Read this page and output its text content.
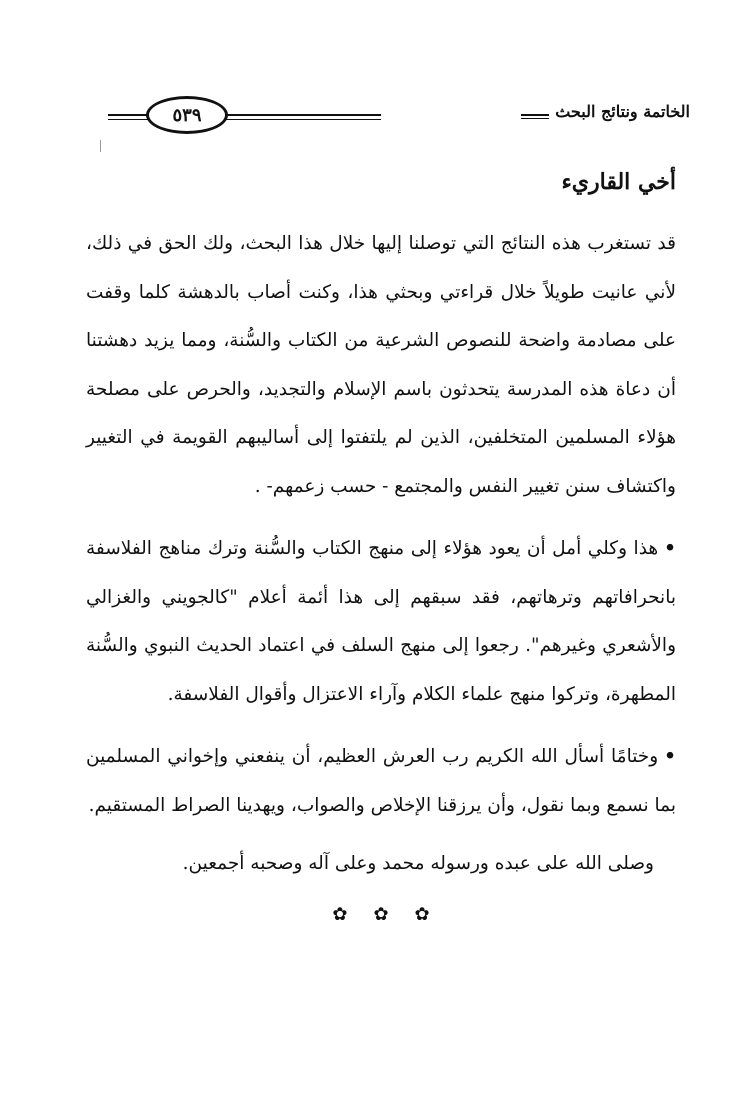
الخاتمة ونتائج البحث
٥٣٩
أخي القاريء

قد تستغرب هذه النتائج التي توصلنا إليها خلال هذا البحث، ولك الحق في ذلك، لأني عانيت طويلاً خلال قراءتي وبحثي هذا، وكنت أصاب بالدهشة كلما وقفت على مصادمة واضحة للنصوص الشرعية من الكتاب والسُّنة، ومما يزيد دهشتنا أن دعاة هذه المدرسة يتحدثون باسم الإسلام والتجديد، والحرص على مصلحة هؤلاء المسلمين المتخلفين، الذين لم يلتفتوا إلى أساليبهم القويمة في التغيير واكتشاف سنن تغيير النفس والمجتمع - حسب زعمهم- .

•هذا وكلي أمل أن يعود هؤلاء إلى منهج الكتاب والسُّنة وترك مناهج الفلاسفة بانحرافاتهم وترهاتهم، فقد سبقهم إلى هذا أئمة أعلام "كالجويني والغزالي والأشعري وغيرهم". رجعوا إلى منهج السلف في اعتماد الحديث النبوي والسُّنة المطهرة، وتركوا منهج علماء الكلام وآراء الاعتزال وأقوال الفلاسفة.

•وختامًا أسأل الله الكريم رب العرش العظيم، أن ينفعني وإخواني المسلمين بما نسمع وبما نقول، وأن يرزقنا الإخلاص والصواب، ويهدينا الصراط المستقيم.

وصلى الله على عبده ورسوله محمد وعلى آله وصحبه أجمعين.

✿ ✿ ✿
